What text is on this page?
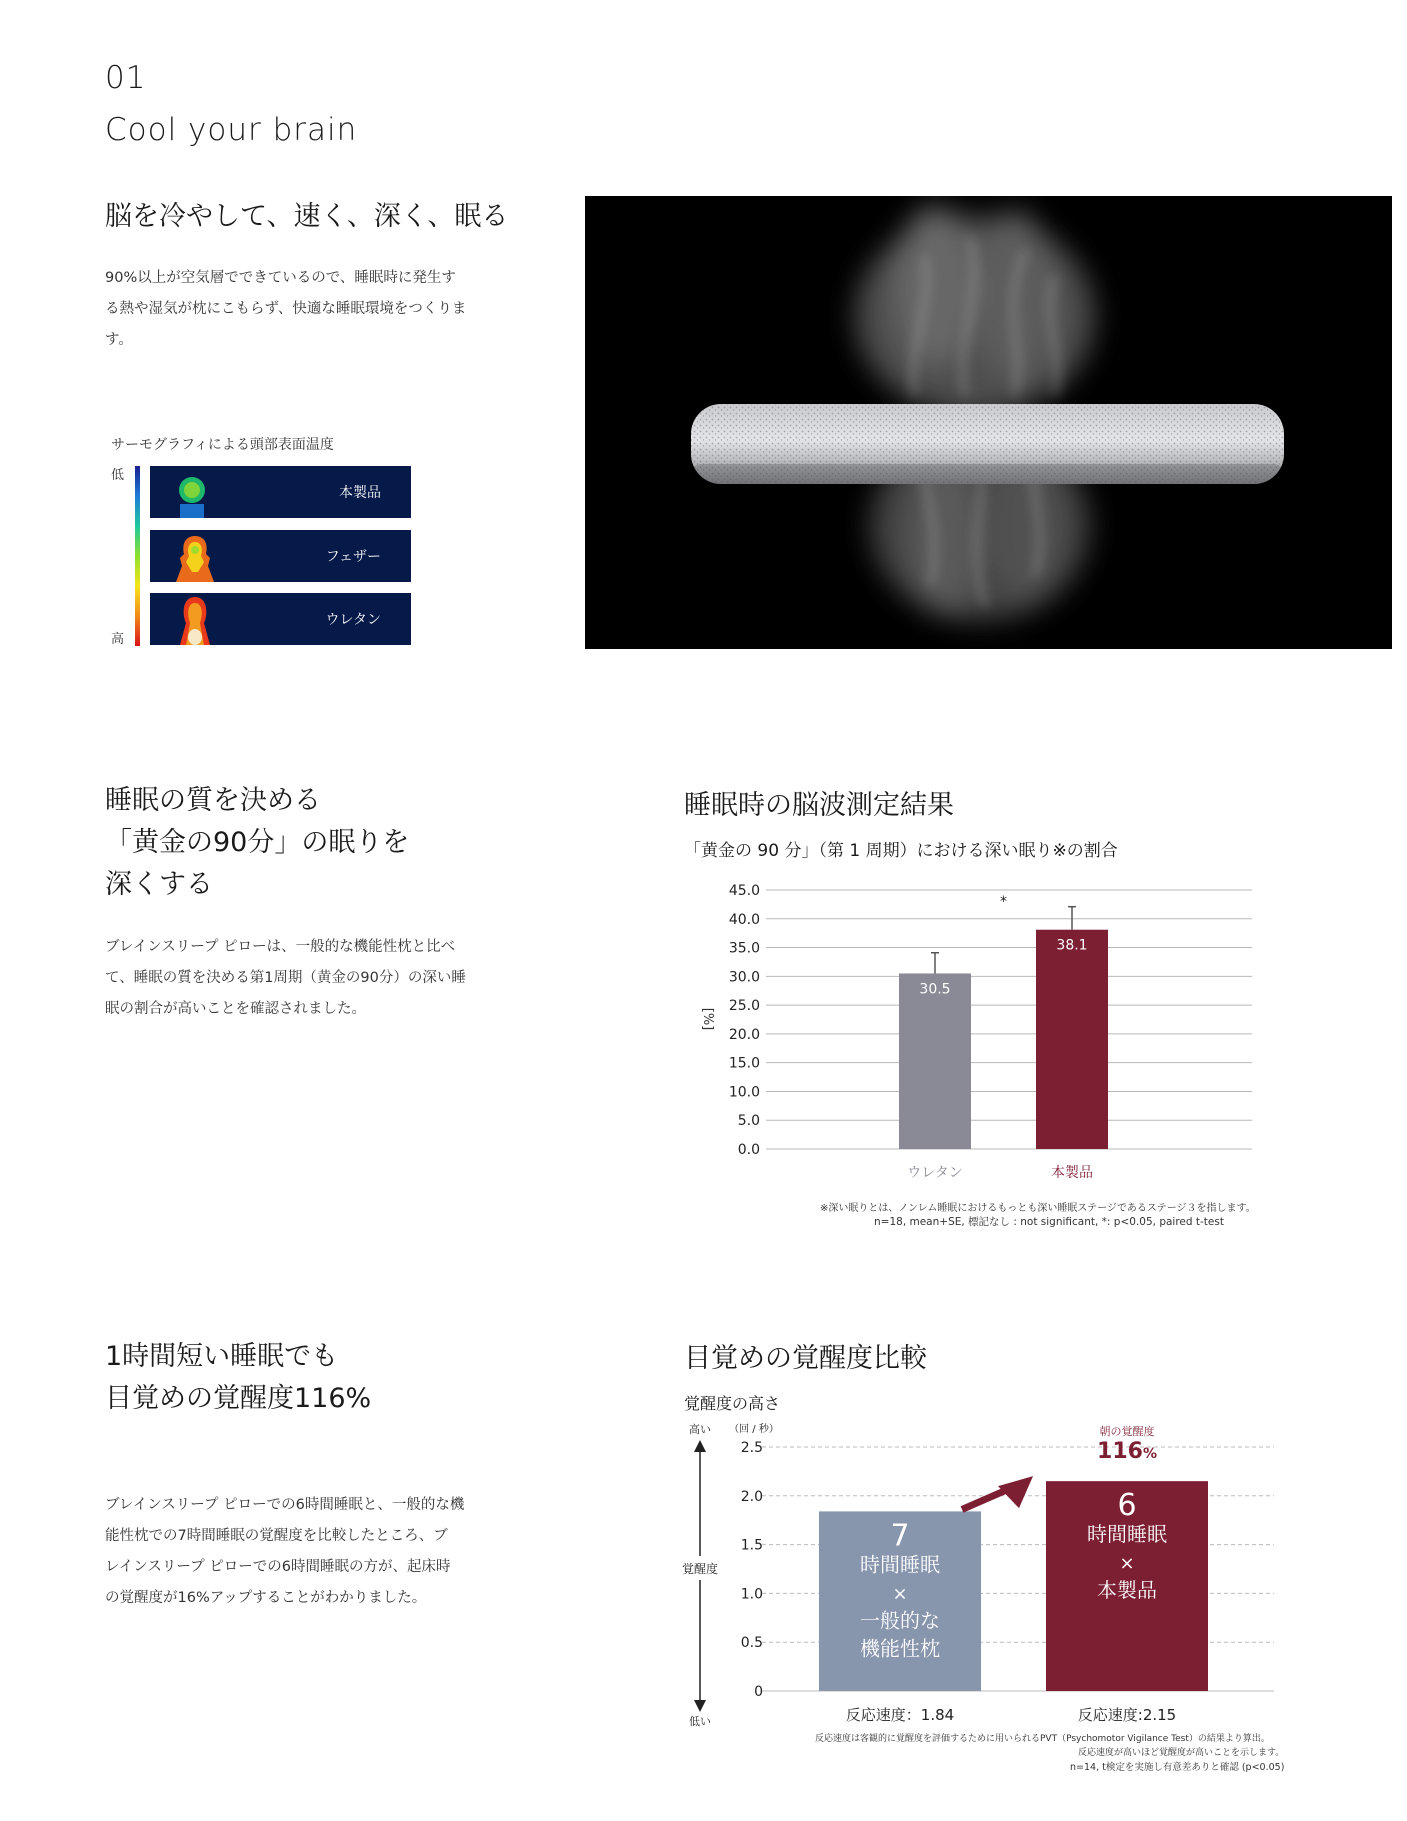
01
Cool your brain
脳を冷やして、速く、深く、眠る
90%以上が空気層でできているので、睡眠時に発生す
る熱や湿気が枕にこもらず、快適な睡眠環境をつくりま
す。
サーモグラフィによる頭部表面温度
低
高
本製品
フェザー
ウレタン
睡眠の質を決める
「黄金の90分」の眠りを
深くする
ブレインスリープ ピローは、一般的な機能性枕と比べ
て、睡眠の質を決める第1周期（黄金の90分）の深い睡
眠の割合が高いことを確認されました。
睡眠時の脳波測定結果
「黄金の 90 分」（第 1 周期）における深い眠り※の割合
0.0
5.0
10.0
15.0
20.0
25.0
30.0
35.0
40.0
45.0
[%]
30.5
ウレタン
38.1
本製品
*
※深い眠りとは、ノンレム睡眠におけるもっとも深い睡眠ステージであるステージ３を指します。
n=18, mean+SE, 標記なし : not significant, *: p<0.05, paired t-test
1時間短い睡眠でも
目覚めの覚醒度116%
ブレインスリープ ピローでの6時間睡眠と、一般的な機
能性枕での7時間睡眠の覚醒度を比較したところ、ブ
レインスリープ ピローでの6時間睡眠の方が、起床時
の覚醒度が16%アップすることがわかりました。
目覚めの覚醒度比較
覚醒度の高さ
0
0.5
1.0
1.5
2.0
2.5
覚醒度
高い
低い
（回 / 秒）
7
時間睡眠
×
一般的な
機能性枕
反応速度：1.84
6
時間睡眠
×
本製品
反応速度:2.15
朝の覚醒度
116%
反応速度は客観的に覚醒度を評価するために用いられるPVT（Psychomotor Vigilance Test）の結果より算出。
反応速度が高いほど覚醒度が高いことを示します。
n=14, t検定を実施し有意差ありと確認 (p<0.05)
